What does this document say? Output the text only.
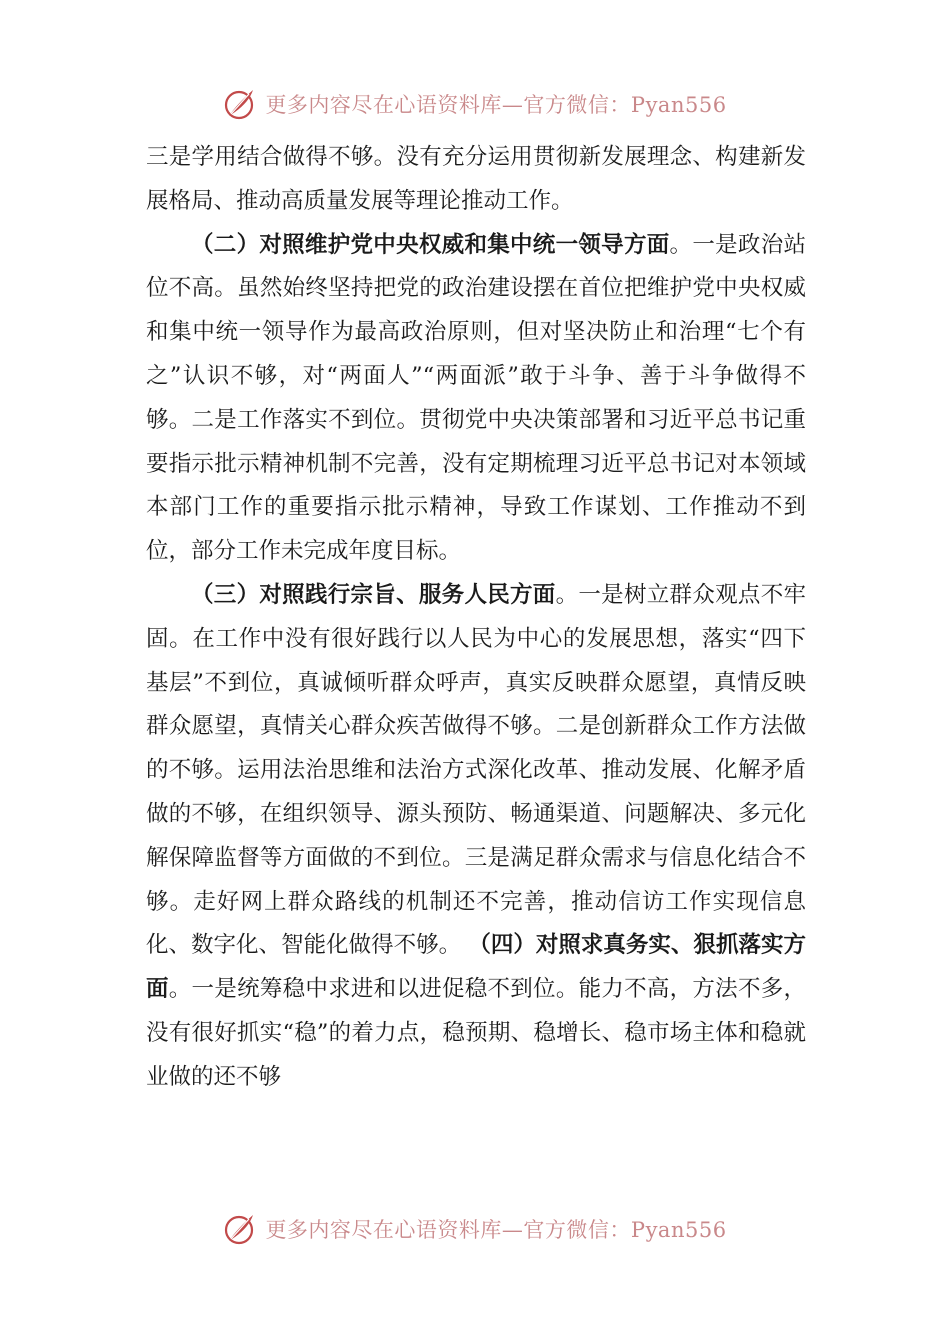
更多内容尽在心语资料库—官方微信：Pyan556

三是学用结合做得不够。没有充分运用贯彻新发展理念、构建新发展格局、推动高质量发展等理论推动工作。

（二）对照维护党中央权威和集中统一领导方面。一是政治站位不高。虽然始终坚持把党的政治建设摆在首位把维护党中央权威和集中统一领导作为最高政治原则，但对坚决防止和治理“七个有之”认识不够，对“两面人”“两面派”敢于斗争、善于斗争做得不够。二是工作落实不到位。贯彻党中央决策部署和习近平总书记重要指示批示精神机制不完善，没有定期梳理习近平总书记对本领域本部门工作的重要指示批示精神，导致工作谋划、工作推动不到位，部分工作未完成年度目标。

（三）对照践行宗旨、服务人民方面。一是树立群众观点不牢固。在工作中没有很好践行以人民为中心的发展思想，落实“四下基层”不到位，真诚倾听群众呼声，真实反映群众愿望，真情反映群众愿望，真情关心群众疾苦做得不够。二是创新群众工作方法做的不够。运用法治思维和法治方式深化改革、推动发展、化解矛盾做的不够，在组织领导、源头预防、畅通渠道、问题解决、多元化解保障监督等方面做的不到位。三是满足群众需求与信息化结合不够。走好网上群众路线的机制还不完善，推动信访工作实现信息化、数字化、智能化做得不够。 （四）对照求真务实、狠抓落实方面。一是统筹稳中求进和以进促稳不到位。能力不高，方法不多，没有很好抓实“稳”的着力点，稳预期、稳增长、稳市场主体和稳就业做的还不够

更多内容尽在心语资料库—官方微信：Pyan556
